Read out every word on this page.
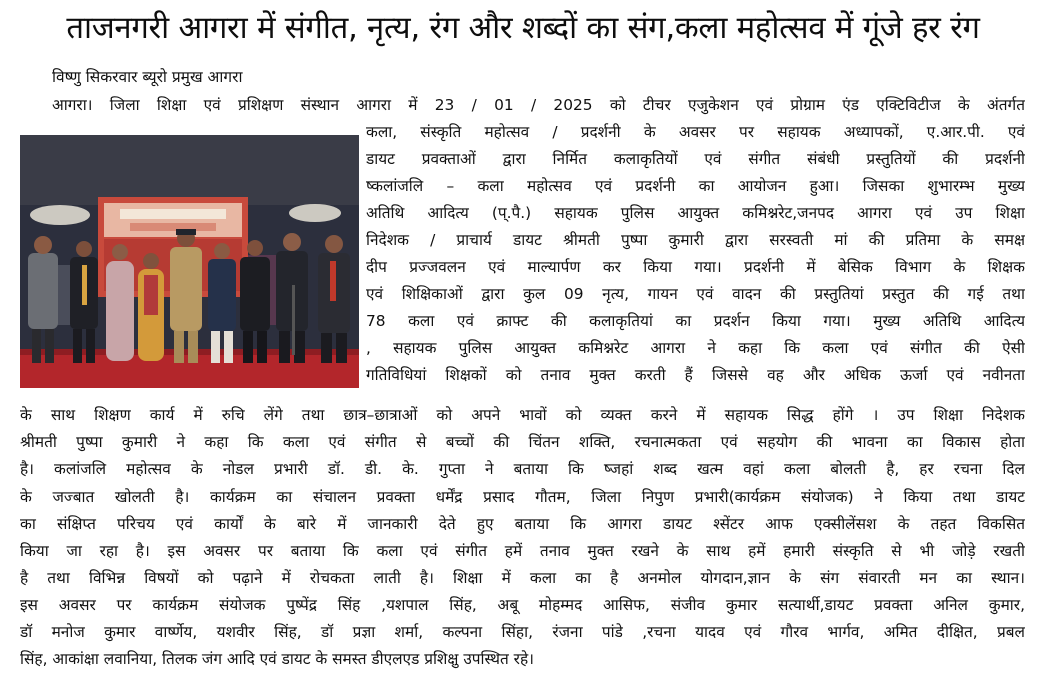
ताजनगरी आगरा में संगीत, नृत्य, रंग और शब्दों का संग,कला महोत्सव में गूंजे हर रंग
विष्णु सिकरवार ब्यूरो प्रमुख आगरा
आगरा। जिला शिक्षा एवं प्रशिक्षण संस्थान आगरा में 23 / 01 / 2025 को टीचर एजुकेशन एवं प्रोग्राम एंड एक्टिविटीज के अंतर्गत
कला, संस्कृति महोत्सव / प्रदर्शनी के अवसर पर सहायक अध्यापकों, ए.आर.पी. एवं
डायट प्रवक्ताओं द्वारा निर्मित कलाकृतियों एवं संगीत संबंधी प्रस्तुतियों की प्रदर्शनी
ष्कलांजलि – कला महोत्सव एवं प्रदर्शनी का आयोजन हुआ। जिसका शुभारम्भ मुख्य
अतिथि आदित्य (प्.पै.) सहायक पुलिस आयुक्त कमिश्नरेट,जनपद आगरा एवं उप शिक्षा
निदेशक / प्राचार्य डायट श्रीमती पुष्पा कुमारी द्वारा सरस्वती मां की प्रतिमा के समक्ष
दीप प्रज्जवलन एवं माल्यार्पण कर किया गया। प्रदर्शनी में बेसिक विभाग के शिक्षक
एवं शिक्षिकाओं द्वारा कुल 09 नृत्य, गायन एवं वादन की प्रस्तुतियां प्रस्तुत की गई तथा
78 कला एवं क्राफ्ट की कलाकृतियां का प्रदर्शन किया गया। मुख्य अतिथि आदित्य
, सहायक पुलिस आयुक्त कमिश्नरेट आगरा ने कहा कि कला एवं संगीत की ऐसी
गतिविधियां शिक्षकों को तनाव मुक्त करती हैं जिससे वह और अधिक ऊर्जा एवं नवीनता
के साथ शिक्षण कार्य में रुचि लेंगे तथा छात्र–छात्राओं को अपने भावों को व्यक्त करने में सहायक सिद्ध होंगे । उप शिक्षा निदेशक
श्रीमती पुष्पा कुमारी ने कहा कि कला एवं संगीत से बच्चों की चिंतन शक्ति, रचनात्मकता एवं सहयोग की भावना का विकास होता
है। कलांजलि महोत्सव के नोडल प्रभारी डॉ. डी. के. गुप्ता ने बताया कि ष्जहां शब्द खत्म वहां कला बोलती है, हर रचना दिल
के जज्बात खोलती है। कार्यक्रम का संचालन प्रवक्ता धर्मेंद्र प्रसाद गौतम, जिला निपुण प्रभारी(कार्यक्रम संयोजक) ने किया तथा डायट
का संक्षिप्त परिचय एवं कार्यों के बारे में जानकारी देते हुए बताया कि आगरा डायट श्सेंटर आफ एक्सीलेंसश के तहत विकसित
किया जा रहा है। इस अवसर पर बताया कि कला एवं संगीत हमें तनाव मुक्त रखने के साथ हमें हमारी संस्कृति से भी जोड़े रखती
है तथा विभिन्न विषयों को पढ़ाने में रोचकता लाती है। शिक्षा में कला का है अनमोल योगदान,ज्ञान के संग संवारती मन का स्थान।
इस अवसर पर कार्यक्रम संयोजक पुष्पेंद्र सिंह ,यशपाल सिंह, अबू मोहम्मद आसिफ, संजीव कुमार सत्यार्थी,डायट प्रवक्ता अनिल कुमार,
डॉ मनोज कुमार वार्ष्णेय, यशवीर सिंह, डॉ प्रज्ञा शर्मा, कल्पना सिंहा, रंजना पांडे ,रचना यादव एवं गौरव भार्गव, अमित दीक्षित, प्रबल
सिंह, आकांक्षा लवानिया, तिलक जंग आदि एवं डायट के समस्त डीएलएड प्रशिक्षु उपस्थित रहे।
